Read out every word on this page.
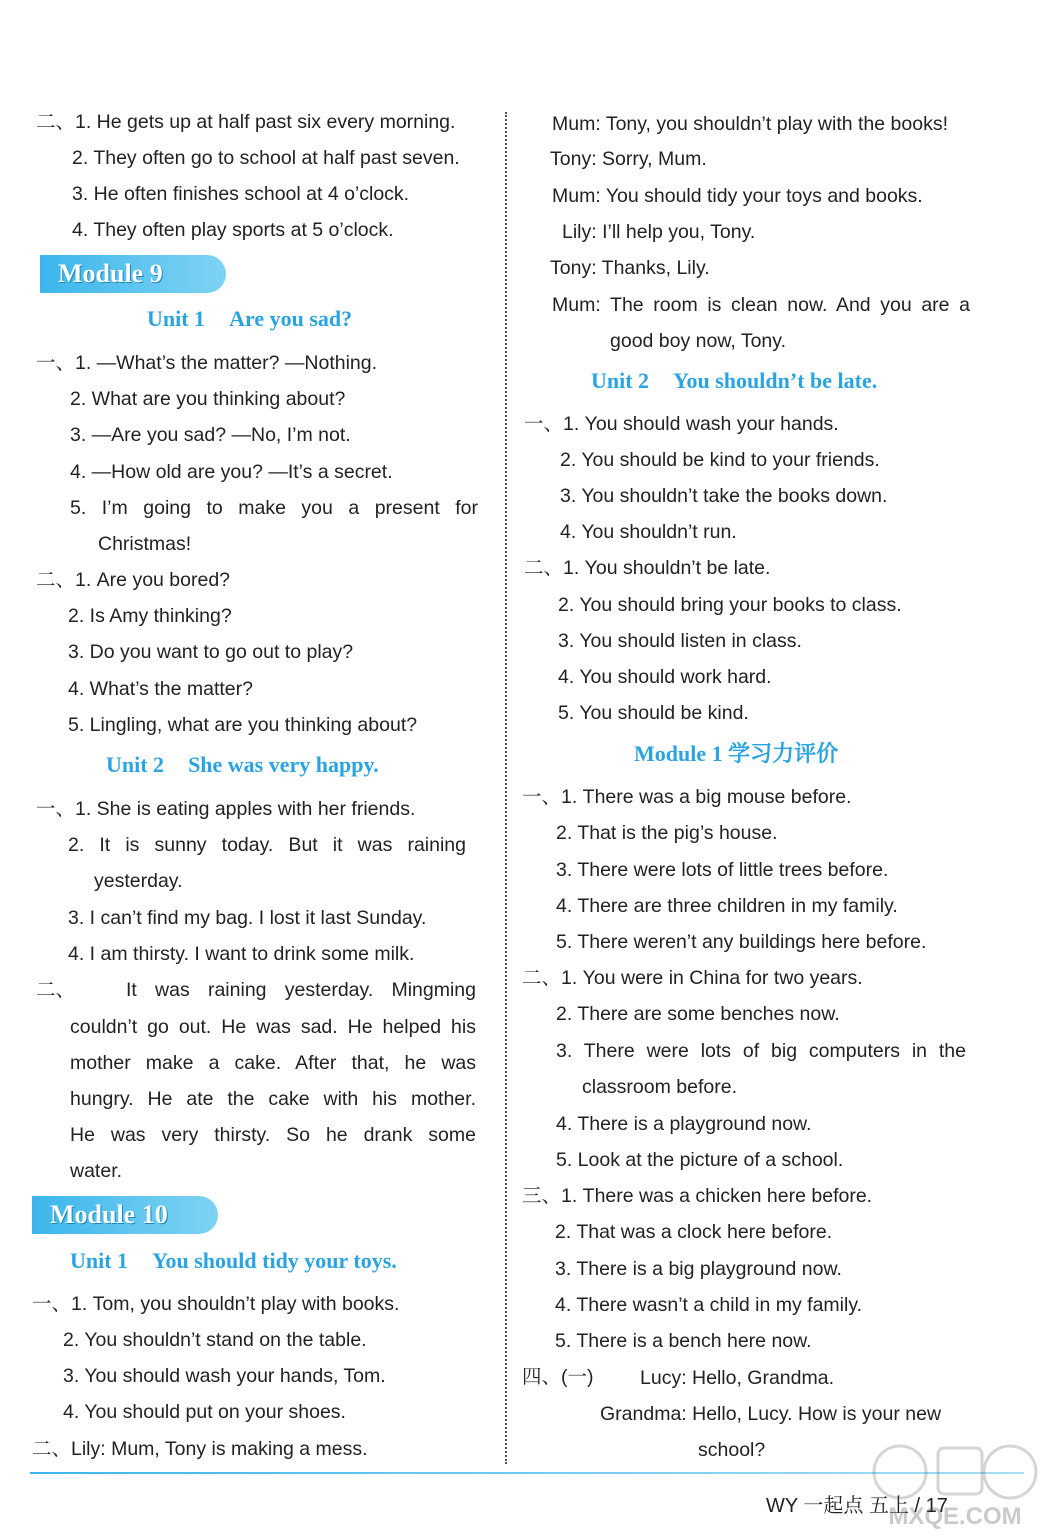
二、1. He gets up at half past six every morning.
2. They often go to school at half past seven.
3. He often finishes school at 4 o’clock.
4. They often play sports at 5 o’clock.
Module 9
Unit 1 Are you sad?
一、1. —What’s the matter? —Nothing.
2. What are you thinking about?
3. —Are you sad? —No, I’m not.
4. —How old are you? —It’s a secret.
5. I’m going to make you a present for
Christmas!
二、1. Are you bored?
2. Is Amy thinking?
3. Do you want to go out to play?
4. What’s the matter?
5. Lingling, what are you thinking about?
Unit 2 She was very happy.
一、1. She is eating apples with her friends.
2. It is sunny today. But it was raining
yesterday.
3. I can’t find my bag. I lost it last Sunday.
4. I am thirsty. I want to drink some milk.
二、	It was raining yesterday. Mingming
couldn’t go out. He was sad. He helped his
mother make a cake. After that, he was
hungry. He ate the cake with his mother.
He was very thirsty. So he drank some
water.
Module 10
Unit 1 You should tidy your toys.
一、1. Tom, you shouldn’t play with books.
2. You shouldn’t stand on the table.
3. You should wash your hands, Tom.
4. You should put on your shoes.
二、Lily: Mum, Tony is making a mess.
Mum: Tony, you shouldn’t play with the books!
Tony: Sorry, Mum.
Mum: You should tidy your toys and books.
Lily: I’ll help you, Tony.
Tony: Thanks, Lily.
Mum: The room is clean now. And you are a
good boy now, Tony.
Unit 2 You shouldn’t be late.
一、1. You should wash your hands.
2. You should be kind to your friends.
3. You shouldn’t take the books down.
4. You shouldn’t run.
二、1. You shouldn’t be late.
2. You should bring your books to class.
3. You should listen in class.
4. You should work hard.
5. You should be kind.
Module 1 学习力评价
一、1. There was a big mouse before.
2. That is the pig’s house.
3. There were lots of little trees before.
4. There are three children in my family.
5. There weren’t any buildings here before.
二、1. You were in China for two years.
2. There are some benches now.
3. There were lots of big computers in the
classroom before.
4. There is a playground now.
5. Look at the picture of a school.
三、1. There was a chicken here before.
2. That was a clock here before.
3. There is a big playground now.
4. There wasn’t a child in my family.
5. There is a bench here now.
四、(一) Lucy: Hello, Grandma.
Grandma: Hello, Lucy. How is your new
school?
WY 一起点 五上 / 17
MXQE.COM
